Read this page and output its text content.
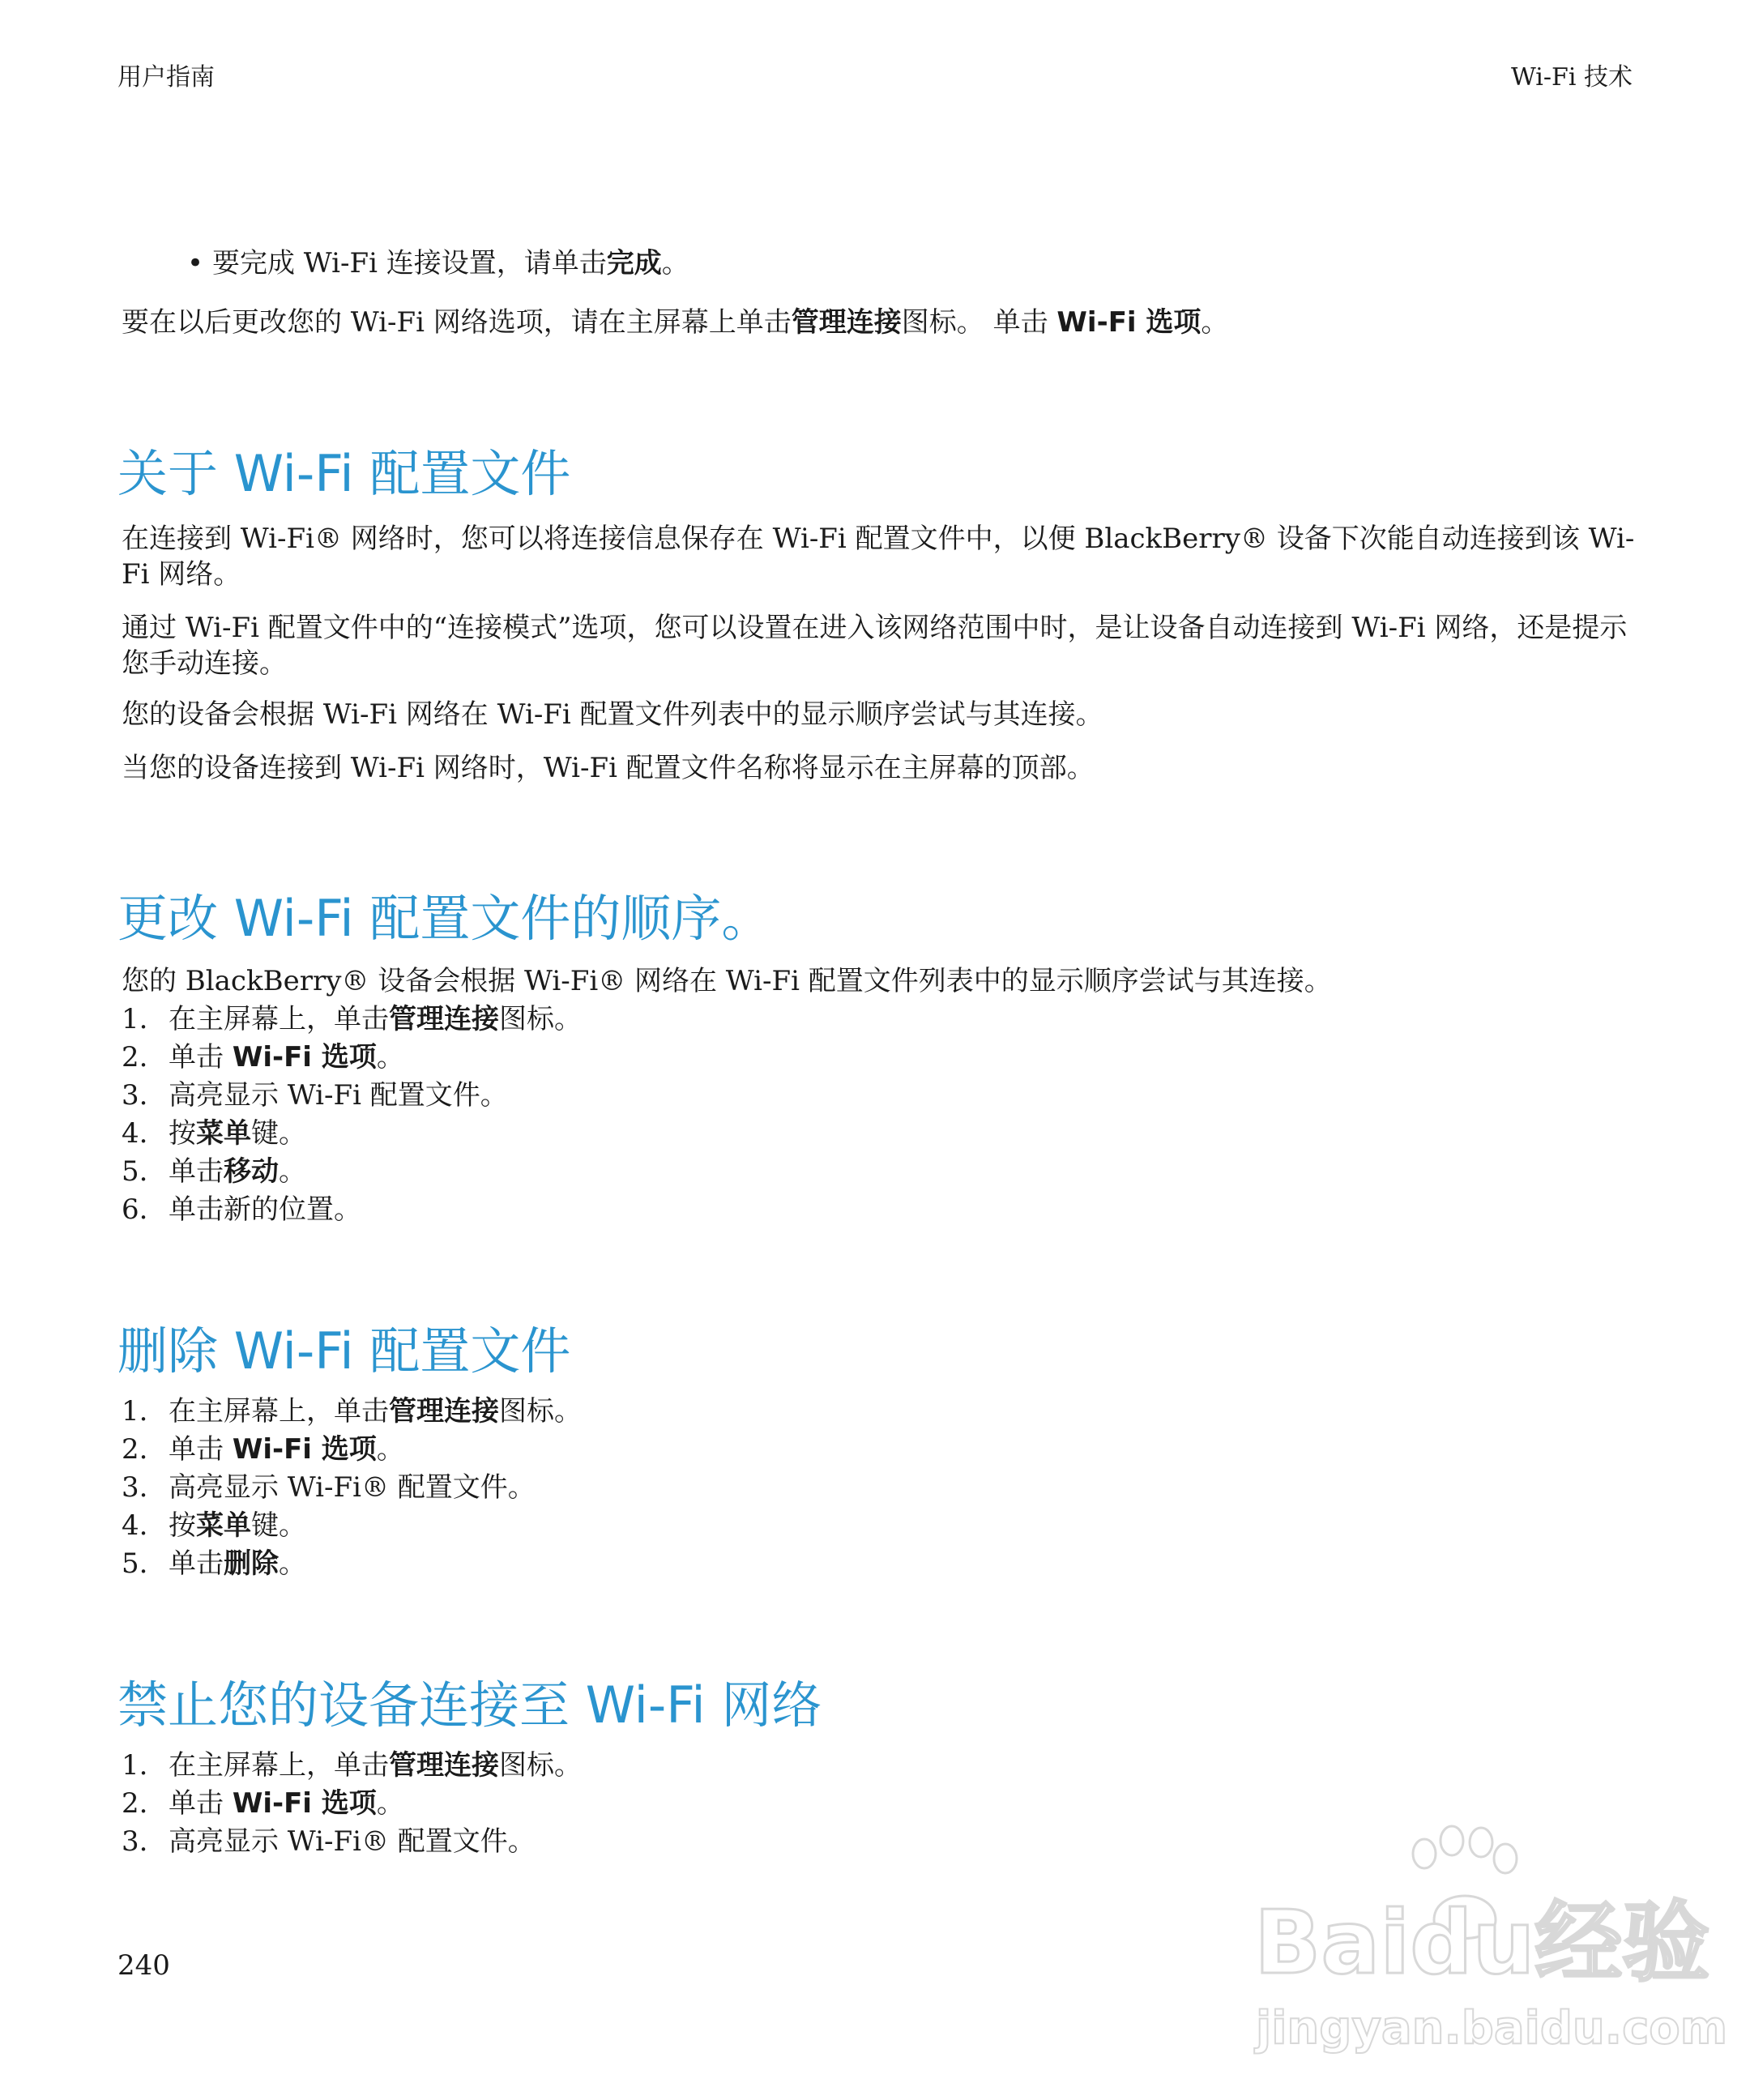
用户指南	Wi-Fi 技术
• 要完成 Wi-Fi 连接设置，请单击完成。
要在以后更改您的 Wi-Fi 网络选项，请在主屏幕上单击管理连接图标。 单击 Wi-Fi 选项。
关于 Wi-Fi 配置文件
在连接到 Wi-Fi® 网络时，您可以将连接信息保存在 Wi-Fi 配置文件中，以便 BlackBerry® 设备下次能自动连接到该 Wi-Fi 网络。
通过 Wi-Fi 配置文件中的“连接模式”选项，您可以设置在进入该网络范围中时，是让设备自动连接到 Wi-Fi 网络，还是提示您手动连接。
您的设备会根据 Wi-Fi 网络在 Wi-Fi 配置文件列表中的显示顺序尝试与其连接。
当您的设备连接到 Wi-Fi 网络时，Wi-Fi 配置文件名称将显示在主屏幕的顶部。
更改 Wi-Fi 配置文件的顺序。
您的 BlackBerry® 设备会根据 Wi-Fi® 网络在 Wi-Fi 配置文件列表中的显示顺序尝试与其连接。
1. 在主屏幕上，单击管理连接图标。
2. 单击 Wi-Fi 选项。
3. 高亮显示 Wi-Fi 配置文件。
4. 按菜单键。
5. 单击移动。
6. 单击新的位置。
删除 Wi-Fi 配置文件
1. 在主屏幕上，单击管理连接图标。
2. 单击 Wi-Fi 选项。
3. 高亮显示 Wi-Fi® 配置文件。
4. 按菜单键。
5. 单击删除。
禁止您的设备连接至 Wi-Fi 网络
1. 在主屏幕上，单击管理连接图标。
2. 单击 Wi-Fi 选项。
3. 高亮显示 Wi-Fi® 配置文件。
240	Baidu经验
jingyan.baidu.com
